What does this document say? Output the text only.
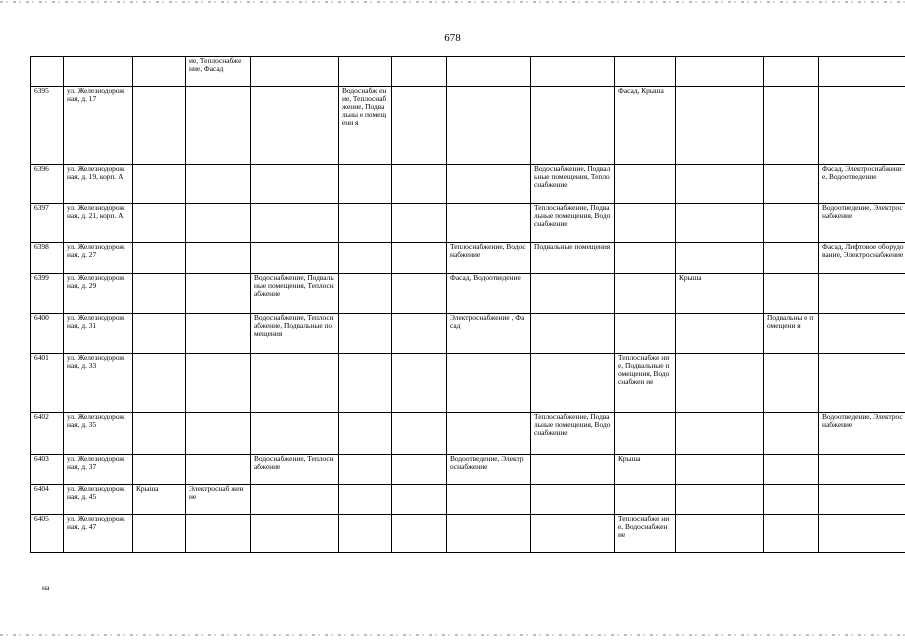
678
			ие, Теплоснабже ние, Фасад									
6395	ул. Железнодорож ная, д. 17				Водоснабж ение, Теплоснаб жение, Подвальны е помещени я				Фасад, Крыша			
6396	ул. Железнодорож ная, д. 19, корп. А							Водоснабжение, Подвальные помещения, Теплоснабжение				Фасад, Электроснабжение, Водоотведение
6397	ул. Железнодорож ная, д. 21, корп. А							Теплоснабжение, Подвальные помещения, Водоснабжение				Водоотведение, Электроснабжение
6398	ул. Железнодорож ная, д. 27						Теплоснабжение, Водоснабжение	Подвальные помещения				Фасад, Лифтовое оборудование, Электроснабжение
6399	ул. Железнодорож ная, д. 29			Водоснабжение, Подвальные помещения, Теплоснабжение			Фасад, Водоотведение			Крыша		
6400	ул. Железнодорож ная, д. 31			Водоснабжение, Теплоснабжение, Подвальные помещения			Электроснабжение , Фасад				Подвальны е помещени я	
6401	ул. Железнодорож ная, д. 33								Теплоснабже ние, Подвальные помещения, Водоснабжен ие			
6402	ул. Железнодорож ная, д. 35							Теплоснабжение, Подвальные помещения, Водоснабжение				Водоотведение, Электроснабжение
6403	ул. Железнодорож ная, д. 37			Водоснабжение, Теплоснабжение			Водоотведение, Электроснабжение		Крыша			
6404	ул. Железнодорож ная, д. 45	Крыша	Электроснаб жение									
6405	ул. Железнодорож ная, д. 47								Теплоснабже ние, Водоснабжен ие			
на
